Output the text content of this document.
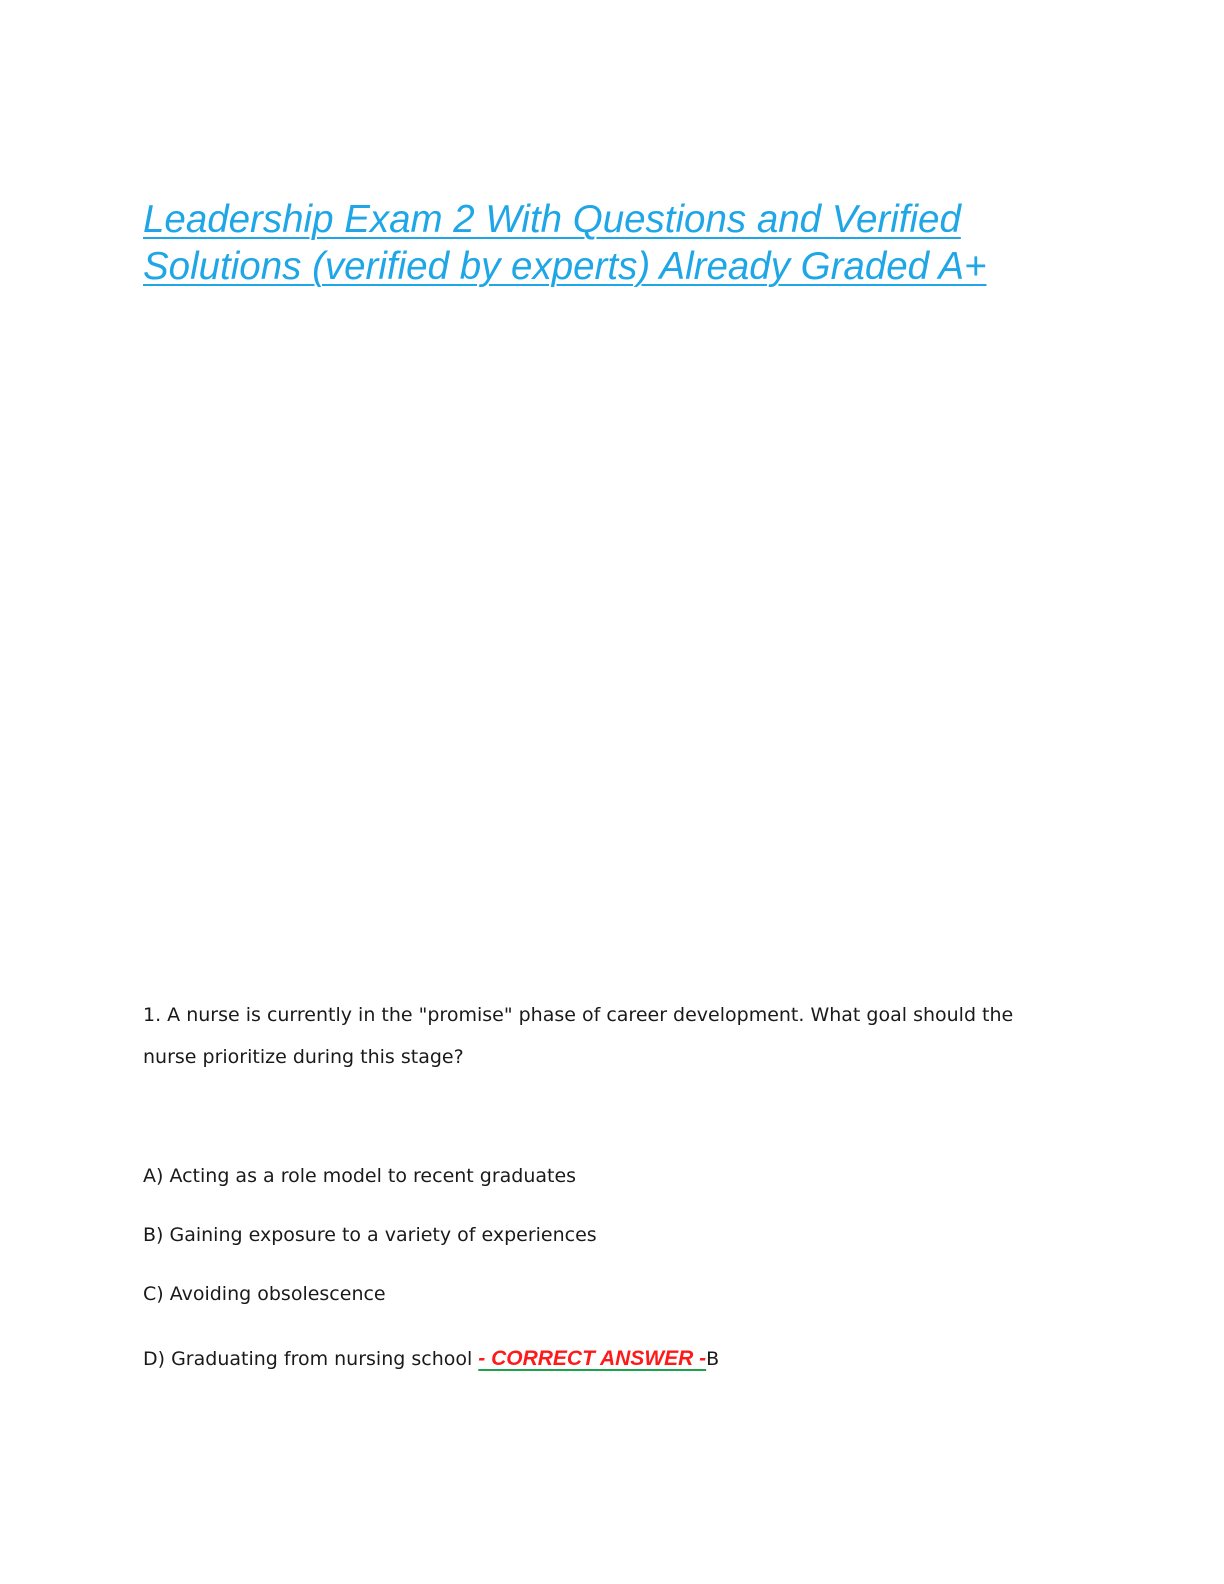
Leadership Exam 2 With Questions and Verified
Solutions (verified by experts) Already Graded A+

1. A nurse is currently in the "promise" phase of career development. What goal should the

nurse prioritize during this stage?

A) Acting as a role model to recent graduates

B) Gaining exposure to a variety of experiences

C) Avoiding obsolescence

D) Graduating from nursing school - CORRECT ANSWER -B
